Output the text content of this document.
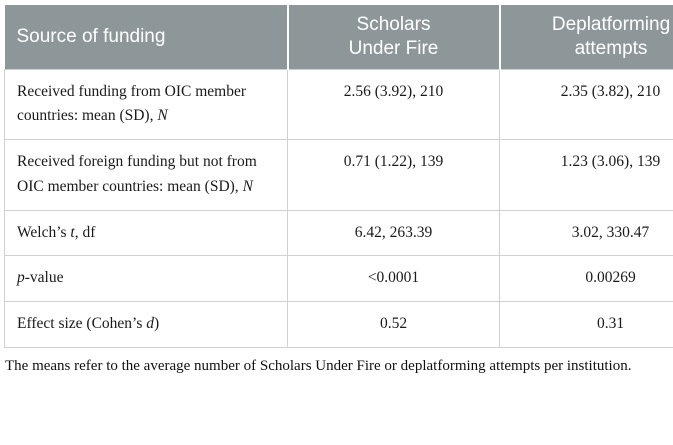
Source of funding	Scholars Under Fire	Deplatforming attempts
Received funding from OIC member countries: mean (SD), N	2.56 (3.92), 210	2.35 (3.82), 210
Received foreign funding but not from OIC member countries: mean (SD), N	0.71 (1.22), 139	1.23 (3.06), 139
Welch’s t, df	6.42, 263.39	3.02, 330.47
p-value	<0.0001	0.00269
Effect size (Cohen’s d)	0.52	0.31
The means refer to the average number of Scholars Under Fire or deplatforming attempts per institution.
